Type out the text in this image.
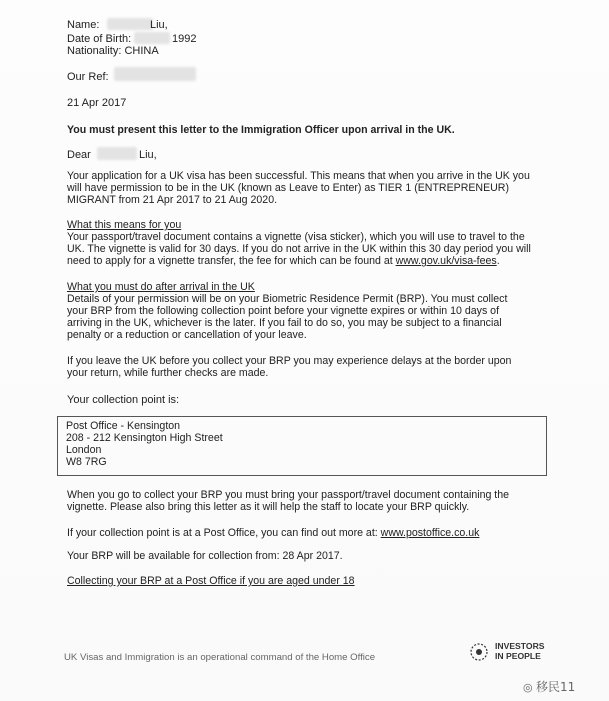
Name:	Liu,
Date of Birth:	1992
Nationality: CHINA
Our Ref:
21 Apr 2017
You must present this letter to the Immigration Officer upon arrival in the UK.
Dear	Liu,
Your application for a UK visa has been successful. This means that when you arrive in the UK you
will have permission to be in the UK (known as Leave to Enter) as TIER 1 (ENTREPRENEUR)
MIGRANT from 21 Apr 2017 to 21 Aug 2020.
What this means for you
Your passport/travel document contains a vignette (visa sticker), which you will use to travel to the
UK. The vignette is valid for 30 days. If you do not arrive in the UK within this 30 day period you will
need to apply for a vignette transfer, the fee for which can be found at www.gov.uk/visa-fees.
What you must do after arrival in the UK
Details of your permission will be on your Biometric Residence Permit (BRP). You must collect
your BRP from the following collection point before your vignette expires or within 10 days of
arriving in the UK, whichever is the later. If you fail to do so, you may be subject to a financial
penalty or a reduction or cancellation of your leave.
If you leave the UK before you collect your BRP you may experience delays at the border upon
your return, while further checks are made.
Your collection point is:
Post Office - Kensington
208 - 212 Kensington High Street
London
W8 7RG
When you go to collect your BRP you must bring your passport/travel document containing the
vignette. Please also bring this letter as it will help the staff to locate your BRP quickly.
If your collection point is at a Post Office, you can find out more at: www.postoffice.co.uk
Your BRP will be available for collection from: 28 Apr 2017.
Collecting your BRP at a Post Office if you are aged under 18
UK Visas and Immigration is an operational command of the Home Office
INVESTORS
IN PEOPLE
◎ 移民11
